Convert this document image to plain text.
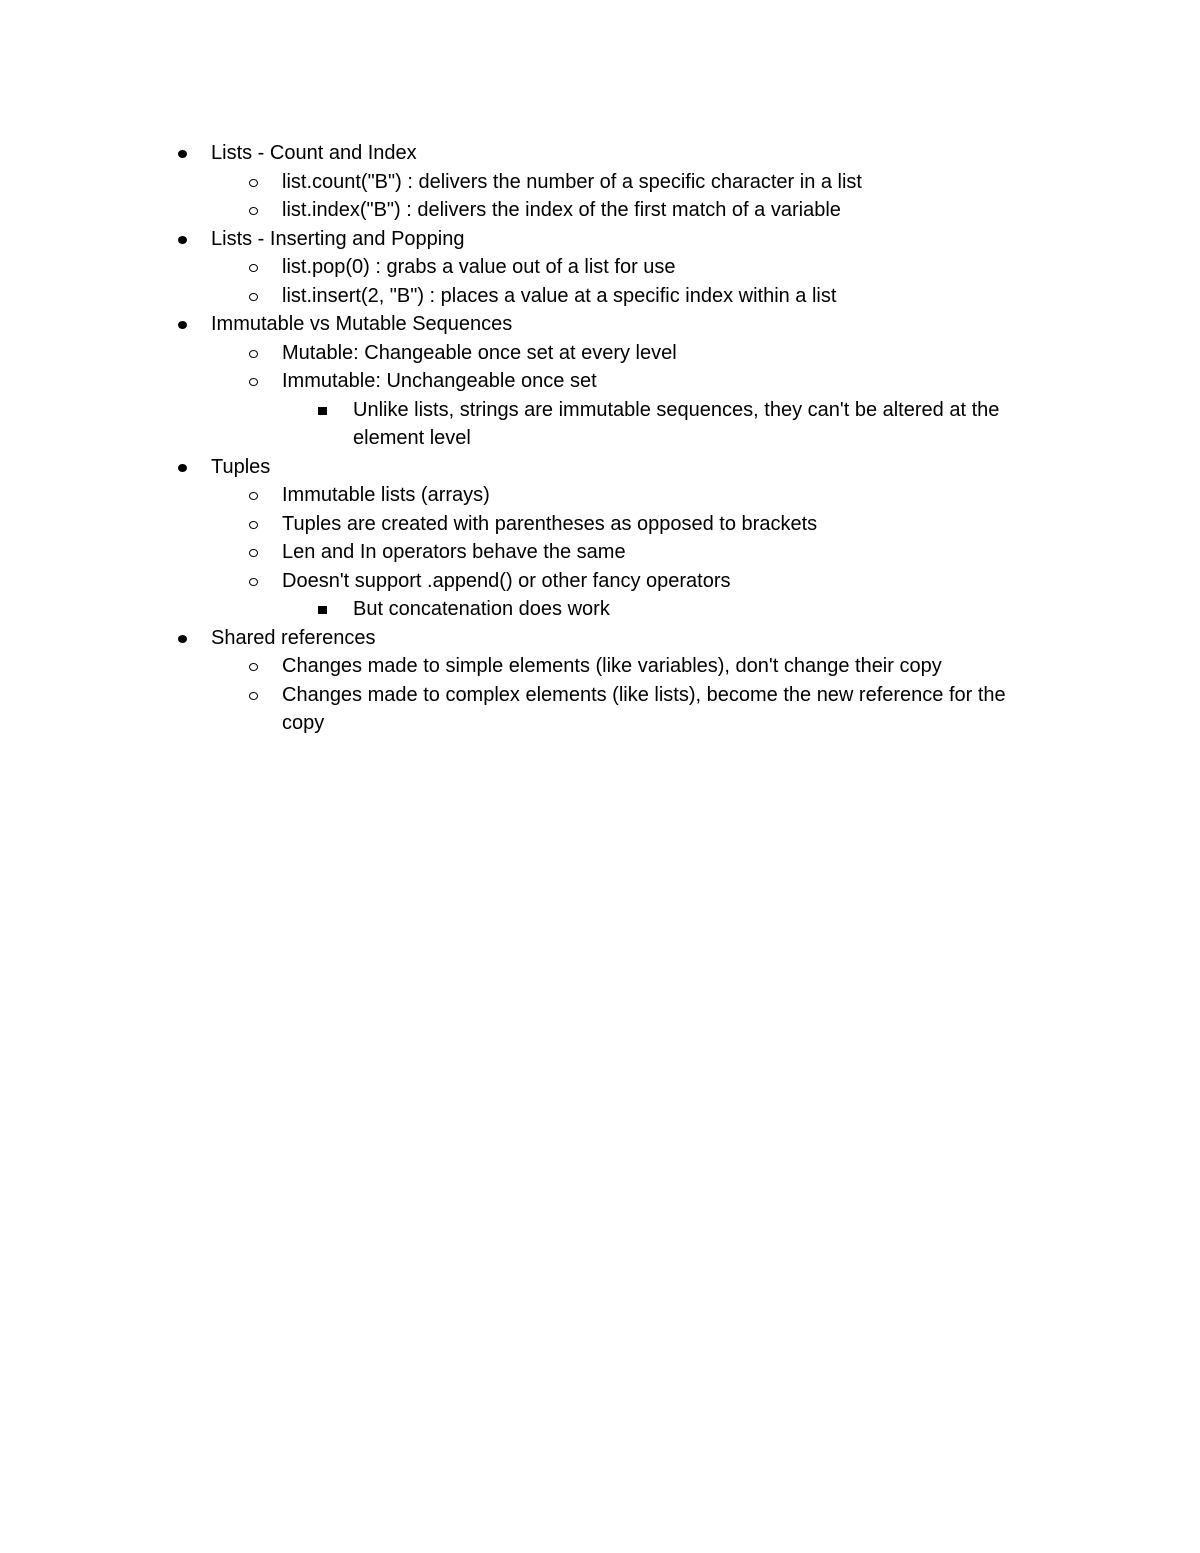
Lists - Count and Index
list.count("B") : delivers the number of a specific character in a list
list.index("B") : delivers the index of the first match of a variable
Lists - Inserting and Popping
list.pop(0) : grabs a value out of a list for use
list.insert(2, "B") : places a value at a specific index within a list
Immutable vs Mutable Sequences
Mutable: Changeable once set at every level
Immutable: Unchangeable once set
Unlike lists, strings are immutable sequences, they can't be altered at the element level
Tuples
Immutable lists (arrays)
Tuples are created with parentheses as opposed to brackets
Len and In operators behave the same
Doesn't support .append() or other fancy operators
But concatenation does work
Shared references
Changes made to simple elements (like variables), don't change their copy
Changes made to complex elements (like lists), become the new reference for the copy
